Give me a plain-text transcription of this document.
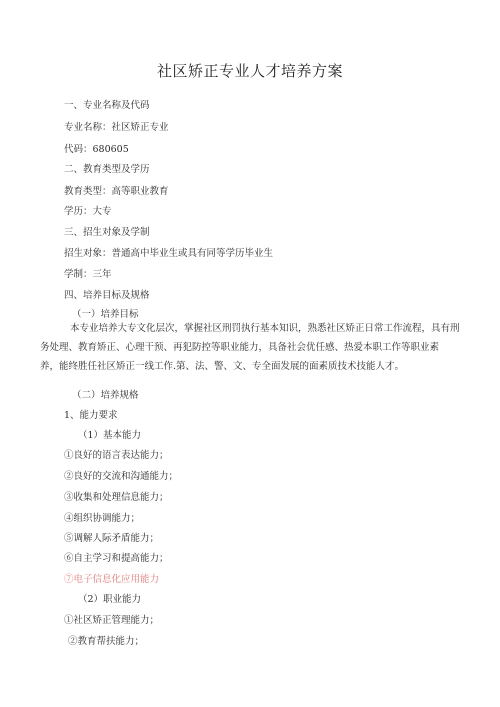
社区矫正专业人才培养方案
一、专业名称及代码
专业名称：社区矫正专业
代码：680605
二、教育类型及学历
教育类型：高等职业教育
学历：大专
三、招生对象及学制
招生对象：普通高中毕业生或具有同等学历毕业生
学制：三年
四、培养目标及规格
（一）培养目标
本专业培养大专文化层次，掌握社区刑罚执行基本知识，熟悉社区矫正日常工作流程，具有刑
务处理、教育矫正、心理干预、再犯防控等职业能力，具备社会优任感、热爱本职工作等职业素
养，能终胜任社区矫正一线工作.第、法、警、文、专全面发展的面素质技术技能人才。
（二）培养规格
1、能力要求
（1）基本能力
①良好的语言表达能力；
②良好的交流和沟通能力；
③收集和处理信息能力；
④组织协调能力；
⑤调解人际矛盾能力；
⑥自主学习和提高能力；
⑦电子信息化应用能力
（2）职业能力
①社区矫正管理能力；
②教育帮扶能力；
